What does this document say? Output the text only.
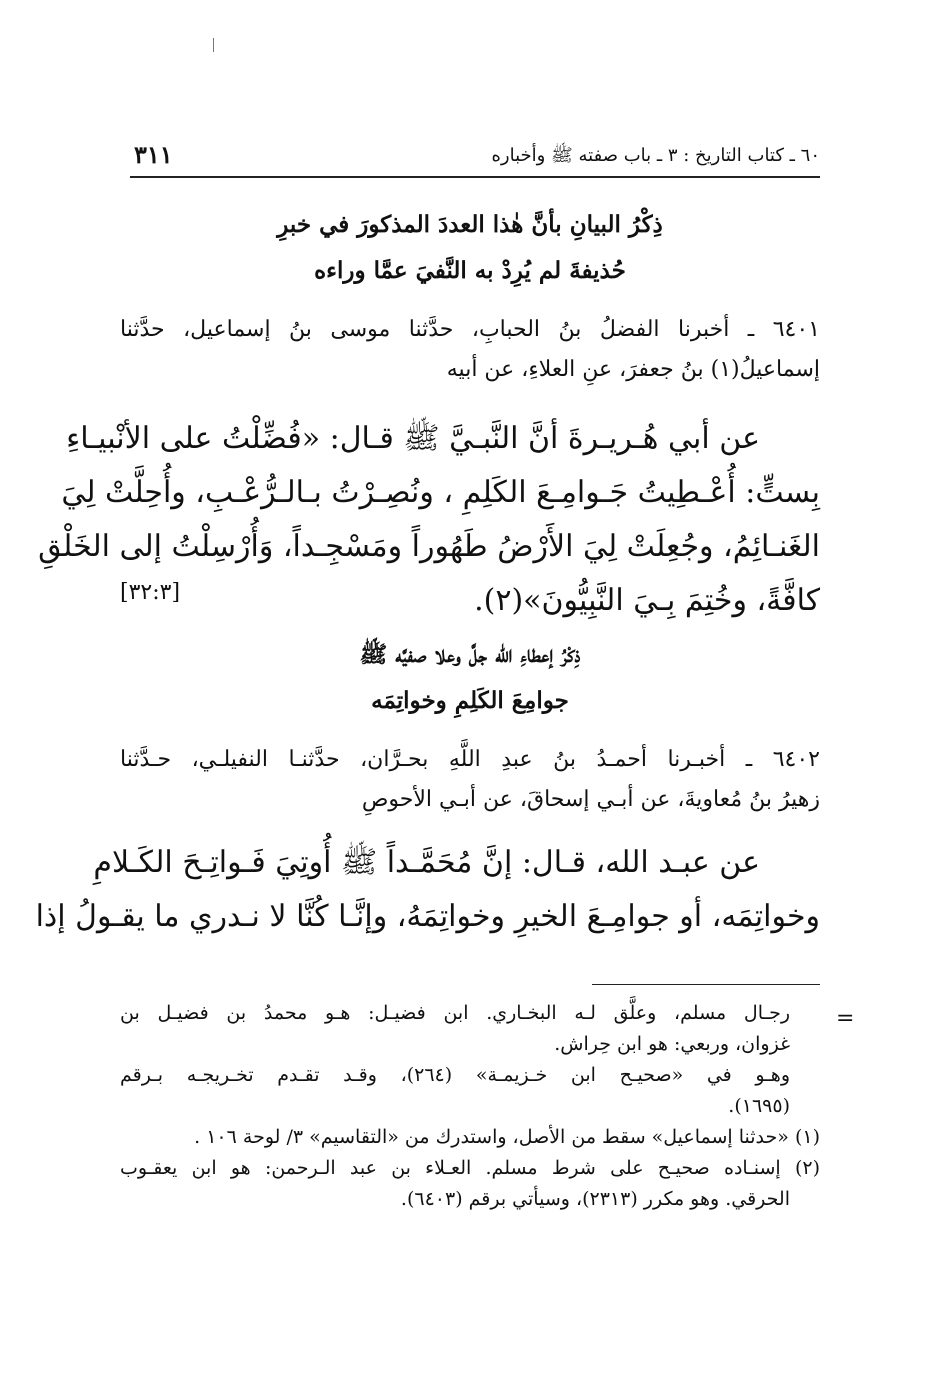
٦٠ ـ كتاب التاريخ : ٣ ـ باب صفته ﷺ وأخباره
٣١١
ذِكْرُ البيانِ بأنَّ هٰذا العددَ المذكورَ في خبرِ
حُذيفةَ لم يُرِدْ به النَّفيَ عمَّا وراءه
٦٤٠١ ـ أخبرنا الفضلُ بنُ الحبابِ، حدَّثنا موسى بنُ إسماعيل، حدَّثنا
إسماعيلُ(١) بنُ جعفرَ، عنِ العلاءِ، عن أبيه
عن أبي هُـريـرةَ أنَّ النَّبـيَّ ﷺ قـال: «فُضِّلْتُ على الأنْبيـاءِ
بِستٍّ: أُعْـطِيتُ جَـوامِـعَ الكَلِمِ ، ونُصِـرْتُ بـالـرُّعْـبِ، وأُحِلَّتْ لِيَ
الغَنـائِمُ، وجُعِلَتْ لِيَ الأَرْضُ طَهُوراً ومَسْجِـداً، وَأُرْسِلْتُ إلى الخَلْقِ
كافَّةً، وخُتِمَ بِـيَ النَّبِيُّونَ»(٢).
[٣٢:٣]
ذِكْرُ إعطاءِ الله جلَّ وعلا صفيَّه ﷺ
جوامِعَ الكَلِمِ وخواتِمَه
٦٤٠٢ ـ أخبـرنا أحمـدُ بنُ عبدِ اللَّهِ بحـرَّان، حدَّثنـا النفيلـي، حـدَّثنا
زهيرُ بنُ مُعاويةَ، عن أبـي إسحاقَ، عن أبـي الأحوصِ
عن عبـد الله، قـال: إنَّ مُحَمَّـداً ﷺ أُوتِيَ فَـواتِـحَ الكَـلامِ
وخواتِمَه، أو جوامِـعَ الخيرِ وخواتِمَهُ، وإنَّـا كُنَّا لا نـدري ما يقـولُ إذا
=
رجـال مسلم، وعلَّق لـه البخـاري. ابن فضيـل: هـو محمدُ بن فضيـل بن
غزوان، وربعي: هو ابن حِراش.
وهـو في «صحيـح ابن خـزيمـة» (٢٦٤)، وقـد تقـدم تخـريجـه بـرقم
(١٦٩٥).
(١) «حدثنا إسماعيل» سقط من الأصل، واستدرك من «التقاسيم» ٣/ لوحة ١٠٦ .
(٢) إسنـاده صحيـح على شرط مسلم. العـلاء بن عبد الـرحمن: هو ابن يعقـوب
الحرقي. وهو مكرر (٢٣١٣)، وسيأتي برقم (٦٤٠٣).
